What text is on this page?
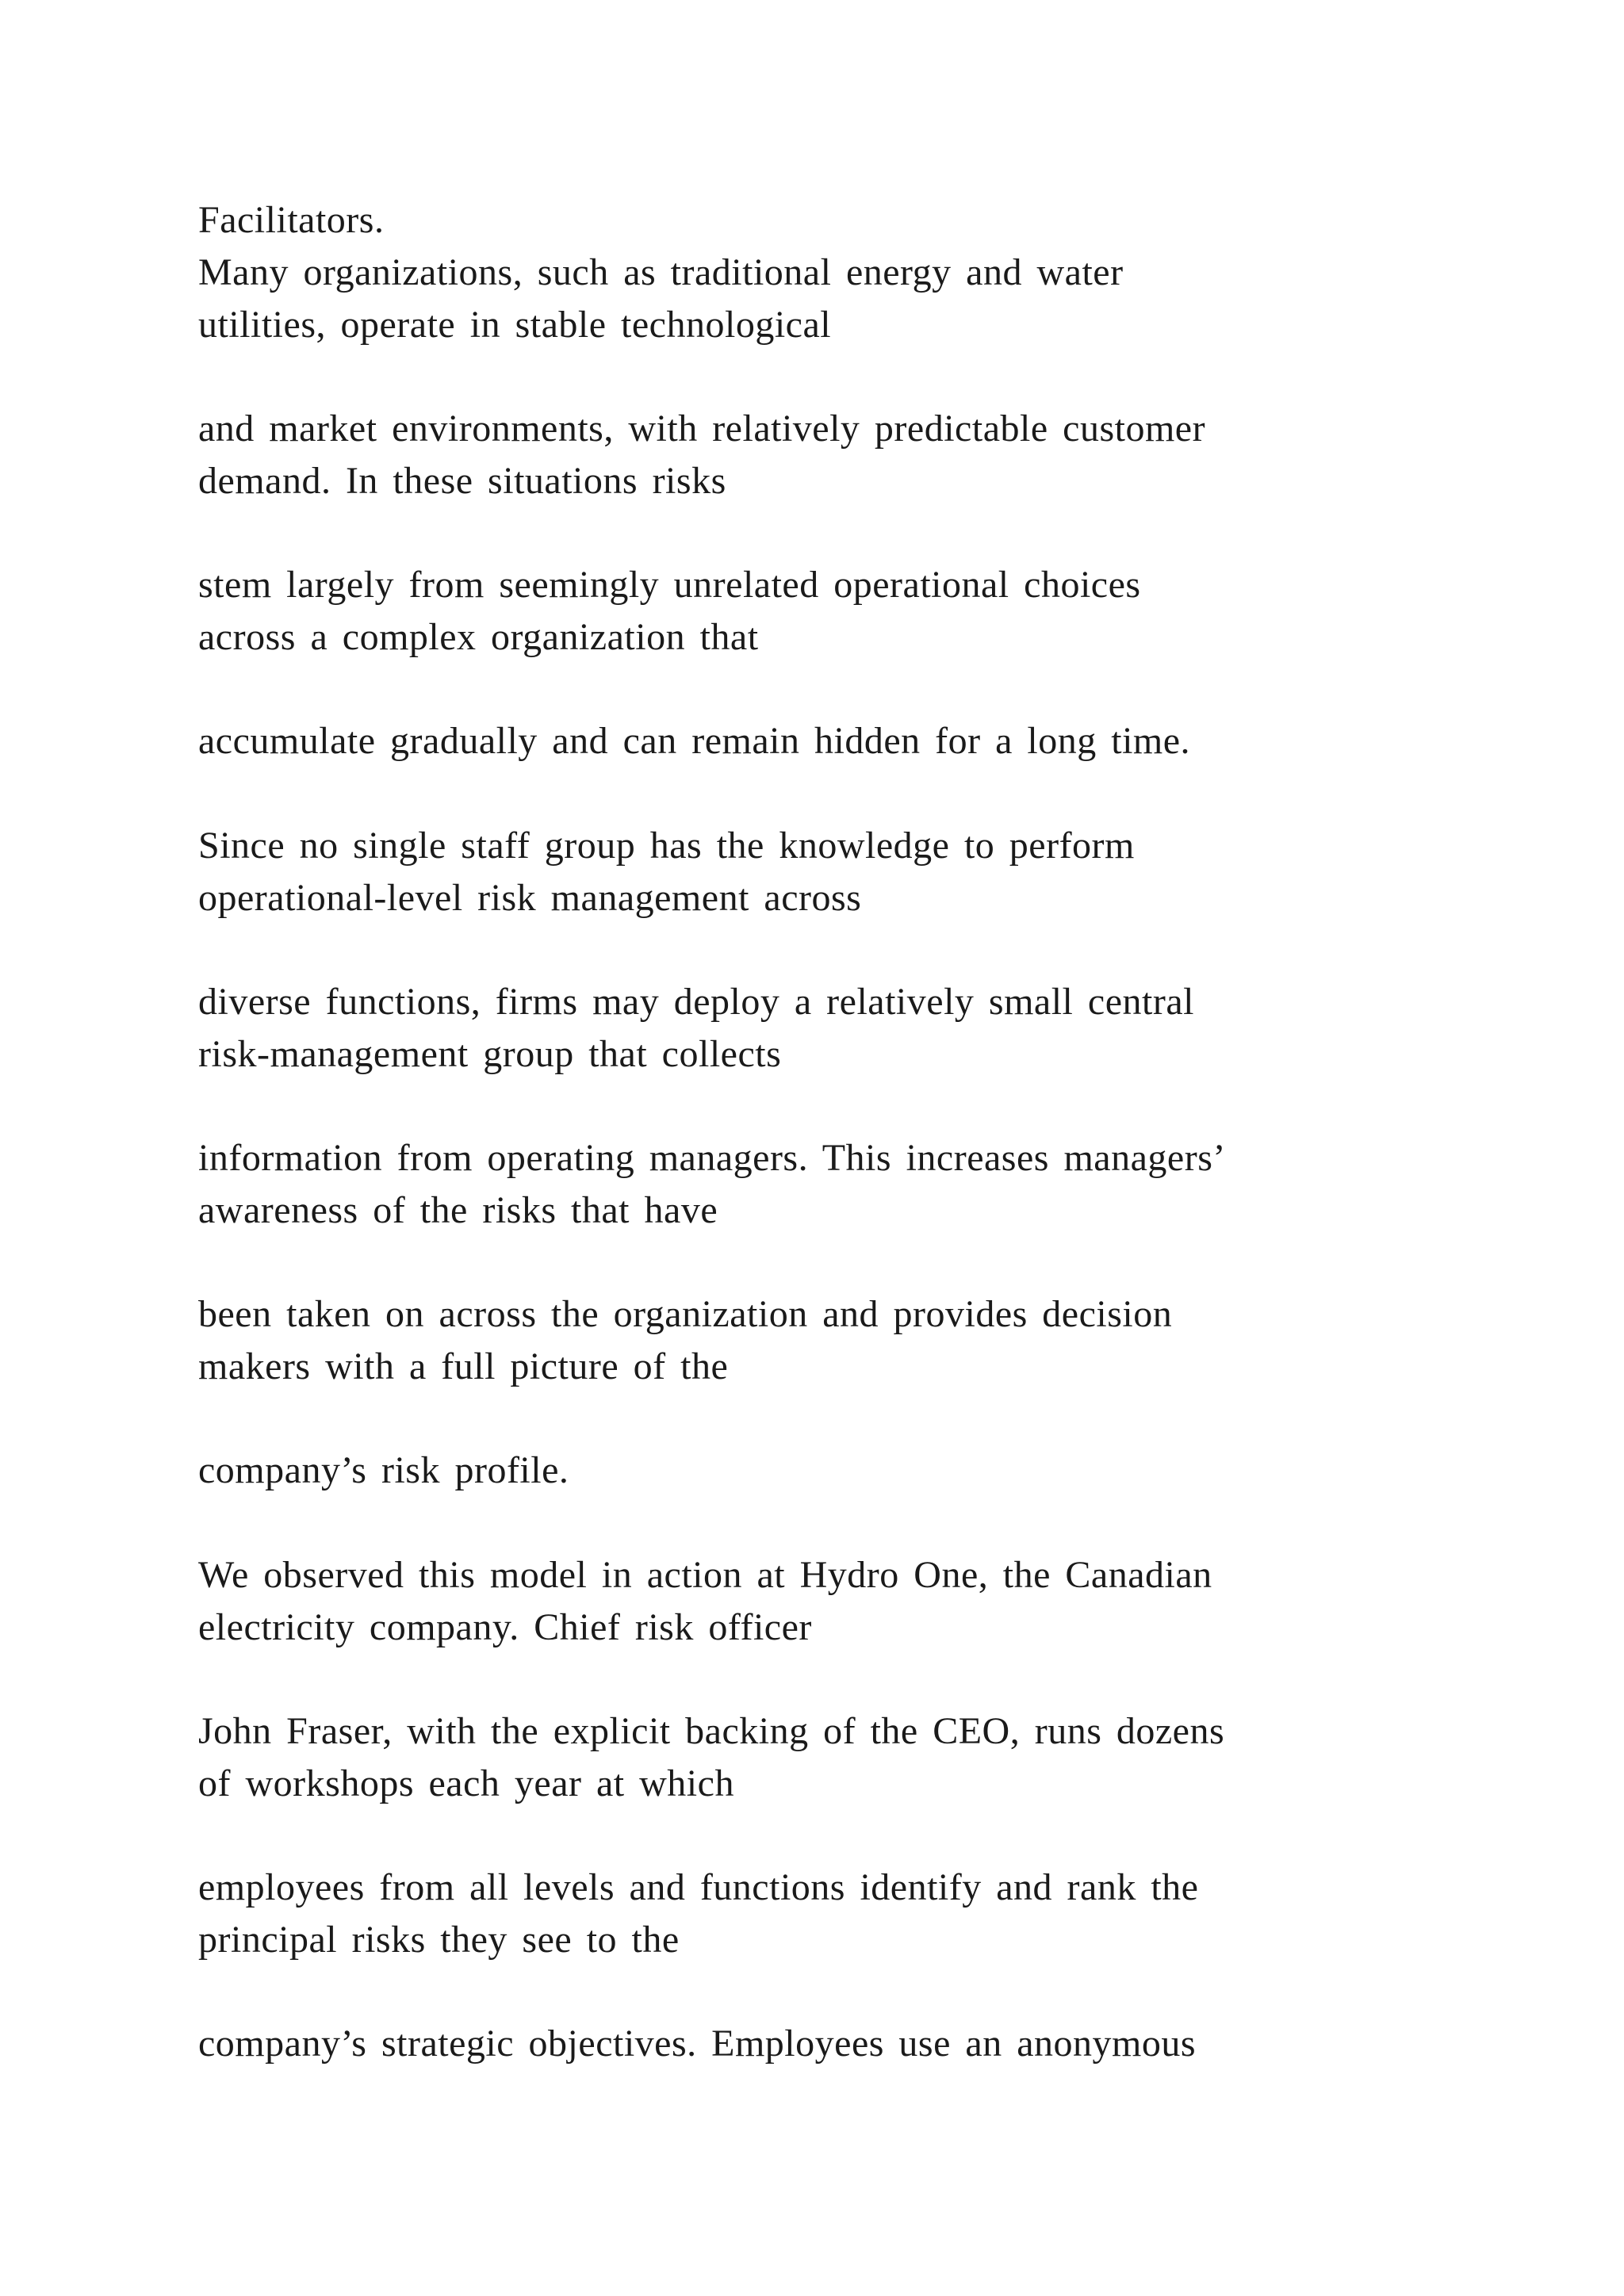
Facilitators.

Many organizations, such as traditional energy and water

utilities, operate in stable technological

and market environments, with relatively predictable customer

demand. In these situations risks

stem largely from seemingly unrelated operational choices

across a complex organization that

accumulate gradually and can remain hidden for a long time.

Since no single staff group has the knowledge to perform

operational-level risk management across

diverse functions, firms may deploy a relatively small central

risk-management group that collects

information from operating managers. This increases managers’

awareness of the risks that have

been taken on across the organization and provides decision

makers with a full picture of the

company’s risk profile.

We observed this model in action at Hydro One, the Canadian

electricity company. Chief risk officer

John Fraser, with the explicit backing of the CEO, runs dozens

of workshops each year at which

employees from all levels and functions identify and rank the

principal risks they see to the

company’s strategic objectives. Employees use an anonymous
